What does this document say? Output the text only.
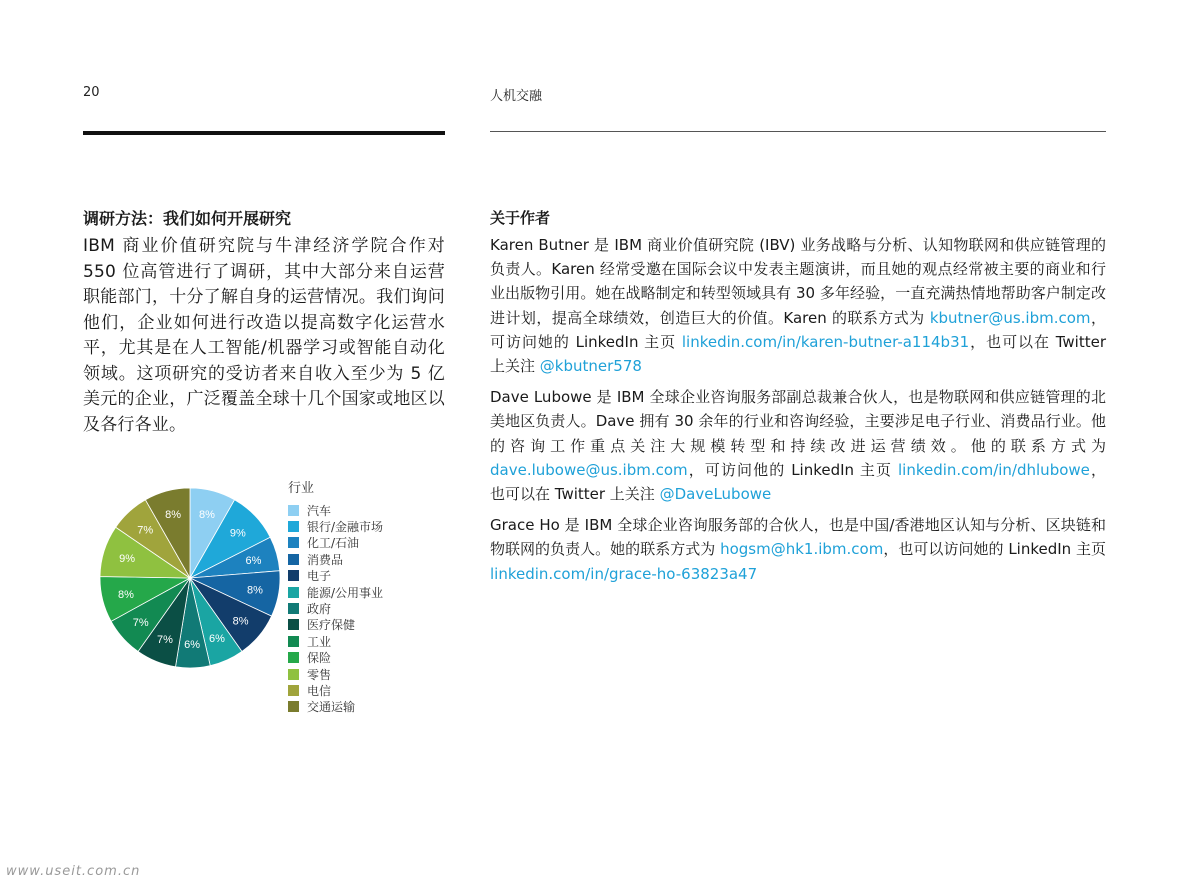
20	人机交融
调研方法：我们如何开展研究

IBM 商业价值研究院与牛津经济学院合作对 550 位高管进行了调研，其中大部分来自运营职能部门，十分了解自身的运营情况。我们询问他们，企业如何进行改造以提高数字化运营水平，尤其是在人工智能/机器学习或智能自动化领域。这项研究的受访者来自收入至少为 5 亿美元的企业，广泛覆盖全球十几个国家或地区以及各行各业。

8%
9%
6%
8%
8%
6%
6%
7%
7%
8%
9%
7%
8%
行业
汽车
银行/金融市场
化工/石油
消费品
电子
能源/公用事业
政府
医疗保健
工业
保险
零售
电信
交通运输
关于作者

Karen Butner 是 IBM 商业价值研究院 (IBV) 业务战略与分析、认知物联网和供应链管理的负责人。Karen 经常受邀在国际会议中发表主题演讲，而且她的观点经常被主要的商业和行业出版物引用。她在战略制定和转型领域具有 30 多年经验，一直充满热情地帮助客户制定改进计划，提高全球绩效，创造巨大的价值。Karen 的联系方式为 kbutner@us.ibm.com，可访问她的 LinkedIn 主页 linkedin.com/in/karen-butner-a114b31，也可以在 Twitter 上关注 @kbutner578

Dave Lubowe 是 IBM 全球企业咨询服务部副总裁兼合伙人，也是物联网和供应链管理的北美地区负责人。Dave 拥有 30 余年的行业和咨询经验，主要涉足电子行业、消费品行业。他的咨询工作重点关注大规模转型和持续改进运营绩效。他的联系方式为 dave.lubowe@us.ibm.com，可访问他的 LinkedIn 主页 linkedin.com/in/dhlubowe，也可以在 Twitter 上关注 @DaveLubowe

Grace Ho 是 IBM 全球企业咨询服务部的合伙人，也是中国/香港地区认知与分析、区块链和物联网的负责人。她的联系方式为 hogsm@hk1.ibm.com，也可以访问她的 LinkedIn 主页 linkedin.com/in/grace-ho-63823a47

www.useit.com.cn
